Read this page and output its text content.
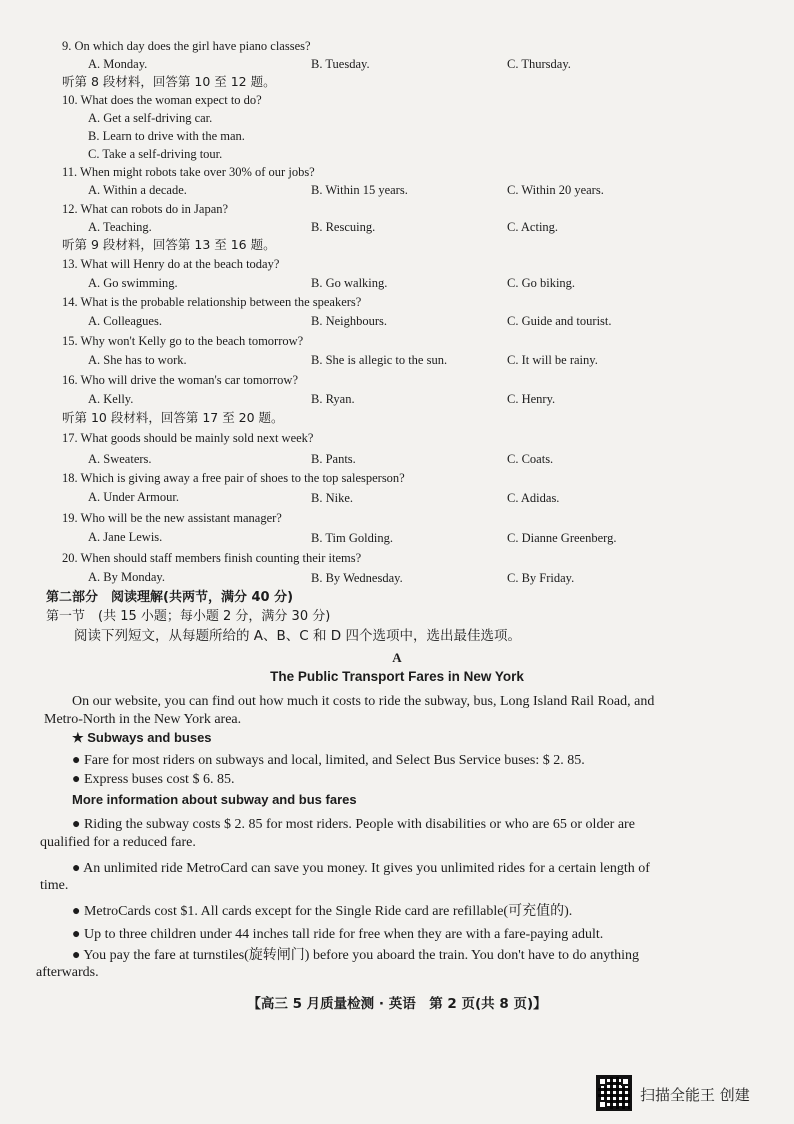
9. On which day does the girl have piano classes?
A. Monday.	B. Tuesday.	C. Thursday.
听第 8 段材料，回答第 10 至 12 题。
10. What does the woman expect to do?
A. Get a self-driving car.
B. Learn to drive with the man.
C. Take a self-driving tour.
11. When might robots take over 30% of our jobs?
A. Within a decade.	B. Within 15 years.	C. Within 20 years.
12. What can robots do in Japan?
A. Teaching.	B. Rescuing.	C. Acting.
听第 9 段材料，回答第 13 至 16 题。
13. What will Henry do at the beach today?
A. Go swimming.	B. Go walking.	C. Go biking.
14. What is the probable relationship between the speakers?
A. Colleagues.	B. Neighbours.	C. Guide and tourist.
15. Why won't Kelly go to the beach tomorrow?
A. She has to work.	B. She is allegic to the sun.	C. It will be rainy.
16. Who will drive the woman's car tomorrow?
A. Kelly.	B. Ryan.	C. Henry.
听第 10 段材料，回答第 17 至 20 题。
17. What goods should be mainly sold next week?
A. Sweaters.	B. Pants.	C. Coats.
18. Which is giving away a free pair of shoes to the top salesperson?
A. Under Armour.	B. Nike.	C. Adidas.
19. Who will be the new assistant manager?
A. Jane Lewis.	B. Tim Golding.	C. Dianne Greenberg.
20. When should staff members finish counting their items?
A. By Monday.	B. By Wednesday.	C. By Friday.
第二部分　阅读理解(共两节，满分 40 分)
第一节　(共 15 小题；每小题 2 分，满分 30 分)
阅读下列短文，从每题所给的 A、B、C 和 D 四个选项中，选出最佳选项。
A
The Public Transport Fares in New York
On our website, you can find out how much it costs to ride the subway, bus, Long Island Rail Road, and
Metro-North in the New York area.
★ Subways and buses
● Fare for most riders on subways and local, limited, and Select Bus Service buses: $ 2. 85.
● Express buses cost $ 6. 85.
More information about subway and bus fares
● Riding the subway costs $ 2. 85 for most riders. People with disabilities or who are 65 or older are
qualified for a reduced fare.
● An unlimited ride MetroCard can save you money. It gives you unlimited rides for a certain length of
time.
● MetroCards cost $1. All cards except for the Single Ride card are refillable(可充值的).
● Up to three children under 44 inches tall ride for free when they are with a fare-paying adult.
● You pay the fare at turnstiles(旋转闸门) before you aboard the train. You don't have to do anything
afterwards.
【高三 5 月质量检测 · 英语　第 2 页(共 8 页)】
扫描全能王 创建
